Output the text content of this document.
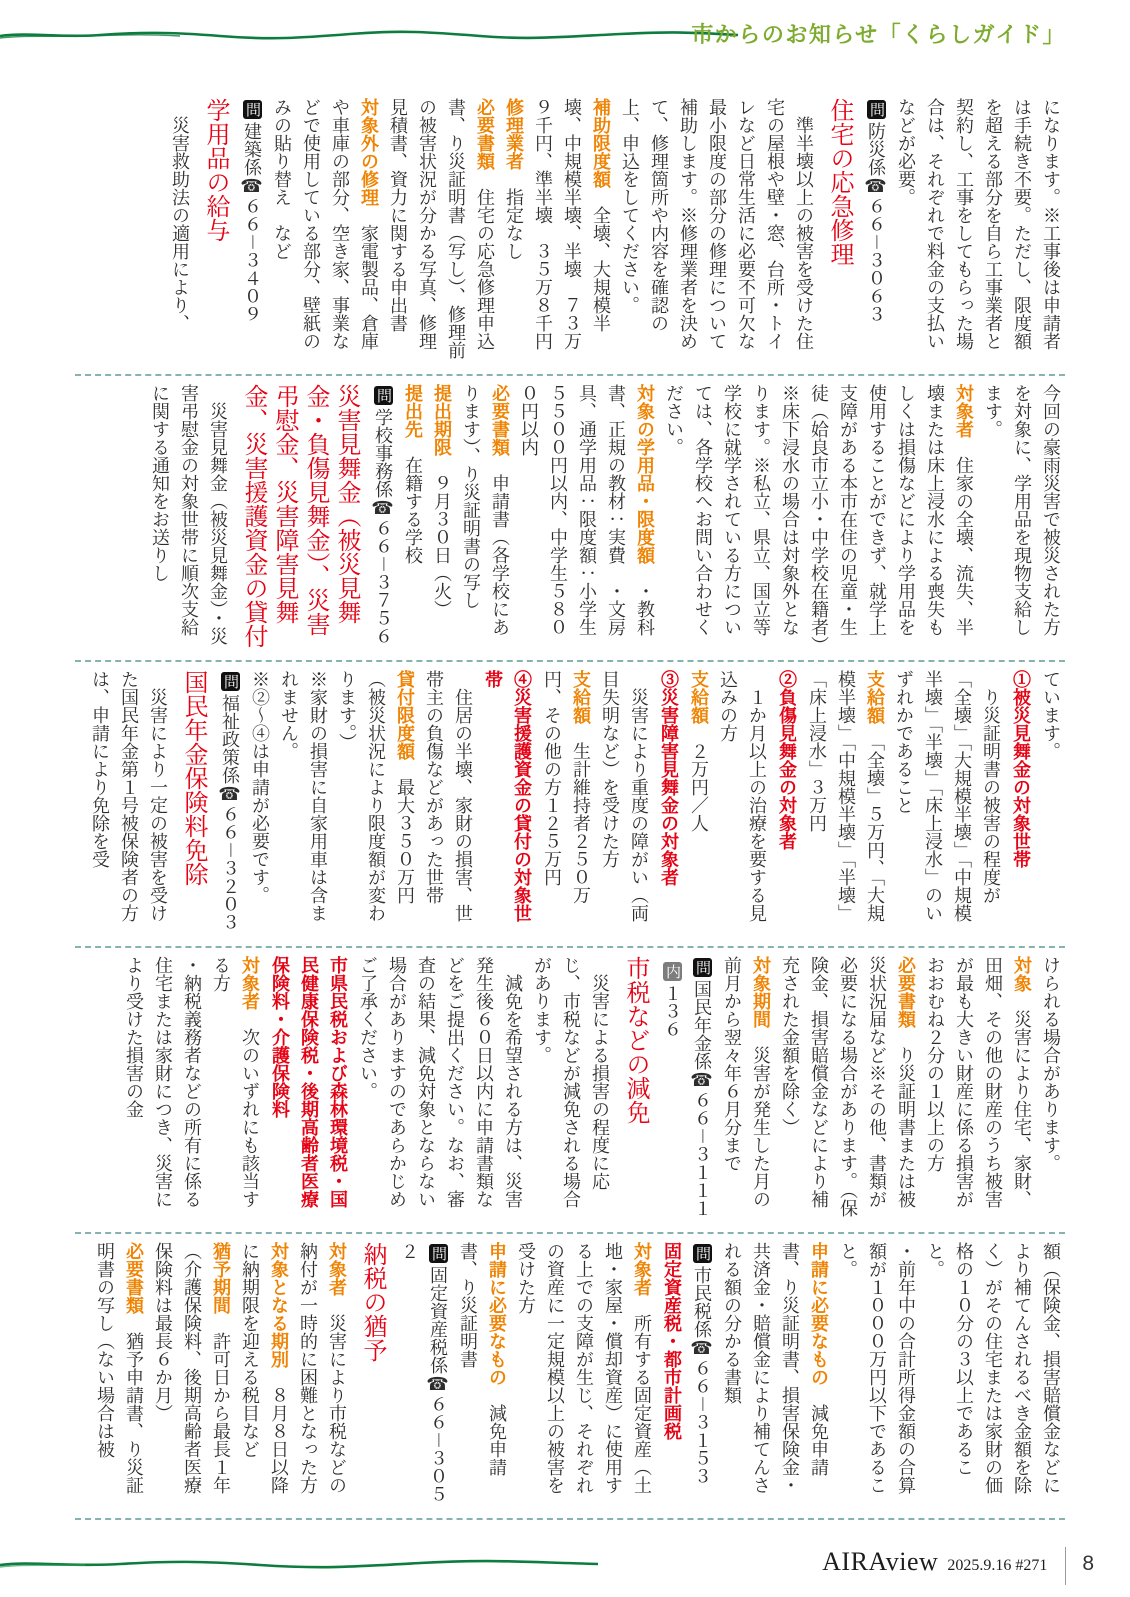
市からのお知らせ「くらしガイド」

になります。※工事後は申請者は手続き不要。ただし、限度額を超える部分を自ら工事業者と契約し、工事をしてもらった場合は、それぞれで料金の支払いなどが必要。

問防災係☎６６－３０６３

住宅の応急修理

　準半壊以上の被害を受けた住宅の屋根や壁・窓、台所・トイレなど日常生活に必要不可欠な最小限度の部分の修理について補助します。※修理業者を決めて、修理箇所や内容を確認の上、申込をしてください。

補助限度額　全壊、大規模半壊、中規模半壊、半壊　７３万９千円、準半壊　３５万８千円

修理業者　指定なし

必要書類　住宅の応急修理申込書、り災証明書（写し）、修理前の被害状況が分かる写真、修理見積書、資力に関する申出書

対象外の修理　家電製品、倉庫や車庫の部分、空き家、事業などで使用している部分、壁紙のみの貼り替え　など

問建築係☎６６－３４０９

学用品の給与

　災害救助法の適用により、

今回の豪雨災害で被災された方を対象に、学用品を現物支給します。

対象者　住家の全壊、流失、半壊または床上浸水による喪失もしくは損傷などにより学用品を使用することができず、就学上支障がある本市在住の児童・生徒（姶良市立小・中学校在籍者）※床下浸水の場合は対象外となります。※私立、県立、国立等学校に就学されている方については、各学校へお問い合わせください。

対象の学用品・限度額　・教科書、正規の教材：実費　・文房具、通学用品：限度額：小学生５５００円以内、中学生５８００円以内

必要書類　申請書（各学校にあります）、り災証明書の写し

提出期限　９月３０日（火）

提出先　在籍する学校

問学校事務係☎６６－３７５６

災害見舞金（被災見舞金・負傷見舞金）、災害弔慰金、災害障害見舞金、災害援護資金の貸付

　災害見舞金（被災見舞金）・災害弔慰金の対象世帯に順次支給に関する通知をお送りし

ています。

①被災見舞金の対象世帯

　り災証明書の被害の程度が「全壊」「大規模半壊」「中規模半壊」「半壊」「床上浸水」のいずれかであること

支給額　「全壊」５万円、「大規模半壊」「中規模半壊」「半壊」「床上浸水」３万円

②負傷見舞金の対象者

　１か月以上の治療を要する見込みの方

支給額　２万円／人

③災害障害見舞金の対象者

　災害により重度の障がい（両目失明など）を受けた方

支給額　生計維持者２５０万円、その他の方１２５万円

④災害援護資金の貸付の対象世帯

　住居の半壊、家財の損害、世帯主の負傷などがあった世帯

貸付限度額　最大３５０万円（被災状況により限度額が変わります。）

※家財の損害に自家用車は含まれません。

※②～④は申請が必要です。

問福祉政策係☎６６－３２０３

国民年金保険料免除

　災害により一定の被害を受けた国民年金第１号被保険者の方は、申請により免除を受

けられる場合があります。

対象　災害により住宅、家財、田畑、その他の財産のうち被害が最も大きい財産に係る損害がおおむね２分の１以上の方

必要書類　り災証明書または被災状況届など※その他、書類が必要になる場合があります。（保険金、損害賠償金などにより補充された金額を除く）

対象期間　災害が発生した月の前月から翌々年６月分まで

問国民年金係☎６６－３１１１内１３６

市税などの減免

　災害による損害の程度に応じ、市税などが減免される場合があります。

　減免を希望される方は、災害発生後６０日以内に申請書類などをご提出ください。なお、審査の結果、減免対象とならない場合がありますのであらかじめご了承ください。

市県民税および森林環境税・国民健康保険税・後期高齢者医療保険料・介護保険料

対象者　次のいずれにも該当する方

・納税義務者などの所有に係る住宅または家財につき、災害により受けた損害の金

額（保険金、損害賠償金などにより補てんされるべき金額を除く）がその住宅または家財の価格の１０分の３以上であること。

・前年中の合計所得金額の合算額が１０００万円以下であること。

申請に必要なもの　減免申請書、り災証明書、損害保険金・共済金・賠償金により補てんされる額の分かる書類

問市民税係☎６６－３１５３

固定資産税・都市計画税

対象者　所有する固定資産（土地・家屋・償却資産）に使用する上での支障が生じ、それぞれの資産に一定規模以上の被害を受けた方

申請に必要なもの　減免申請書、り災証明書

問固定資産税係☎６６－３０５２

納税の猶予

対象者　災害により市税などの納付が一時的に困難となった方

対象となる期別　８月８日以降に納期限を迎える税目など

猶予期間　許可日から最長１年（介護保険料、後期高齢者医療保険料は最長６か月）

必要書類　猶予申請書、り災証明書の写し（ない場合は被

AIRAview 2025.9.16 #271 8
